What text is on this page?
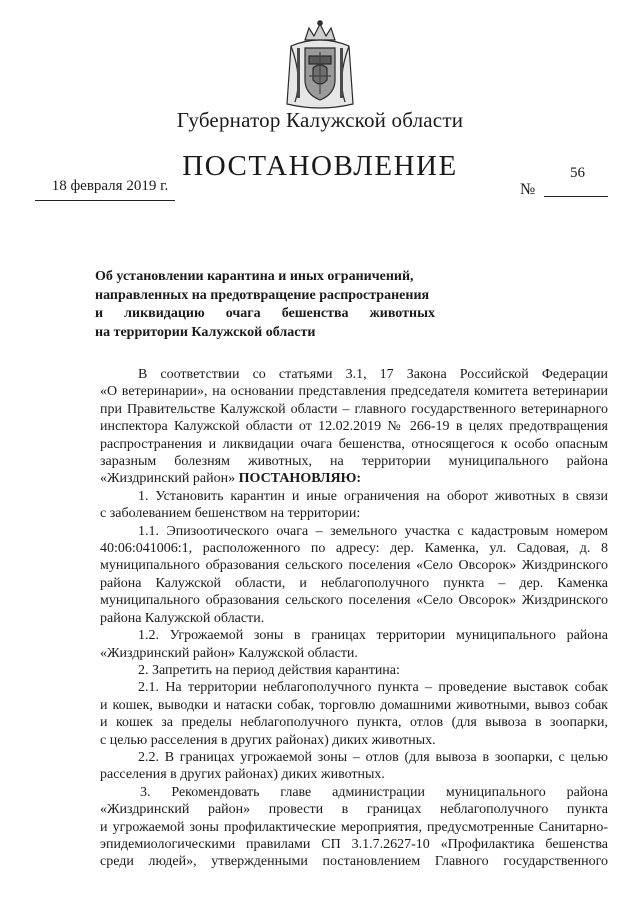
Губернатор Калужской области
ПОСТАНОВЛЕНИЕ
18 февраля 2019 г.	№
56
Об установлении карантина и иных ограничений,
направленных на предотвращение распространения
и ликвидацию очага бешенства животных
на территории Калужской области
В соответствии со статьями 3.1, 17 Закона Российской Федерации
«О ветеринарии», на основании представления председателя комитета ветеринарии
при Правительстве Калужской области – главного государственного ветеринарного
инспектора Калужской области от 12.02.2019 № 266-19 в целях предотвращения
распространения и ликвидации очага бешенства, относящегося к особо опасным
заразным болезням животных, на территории муниципального района
«Жиздринский район» ПОСТАНОВЛЯЮ:
1. Установить карантин и иные ограничения на оборот животных в связи
с заболеванием бешенством на территории:
1.1. Эпизоотического очага – земельного участка с кадастровым номером
40:06:041006:1, расположенного по адресу: дер. Каменка, ул. Садовая, д. 8
муниципального образования сельского поселения «Село Овсорок» Жиздринского
района Калужской области, и неблагополучного пункта – дер. Каменка
муниципального образования сельского поселения «Село Овсорок» Жиздринского
района Калужской области.
1.2. Угрожаемой зоны в границах территории муниципального района
«Жиздринский район» Калужской области.
2. Запретить на период действия карантина:
2.1. На территории неблагополучного пункта – проведение выставок собак
и кошек, выводки и натаски собак, торговлю домашними животными, вывоз собак
и кошек за пределы неблагополучного пункта, отлов (для вывоза в зоопарки,
с целью расселения в других районах) диких животных.
2.2. В границах угрожаемой зоны – отлов (для вывоза в зоопарки, с целью
расселения в других районах) диких животных.
3. Рекомендовать главе администрации муниципального района
«Жиздринский район» провести в границах неблагополучного пункта
и угрожаемой зоны профилактические мероприятия, предусмотренные Санитарно-
эпидемиологическими правилами СП 3.1.7.2627-10 «Профилактика бешенства
среди людей», утвержденными постановлением Главного государственного
